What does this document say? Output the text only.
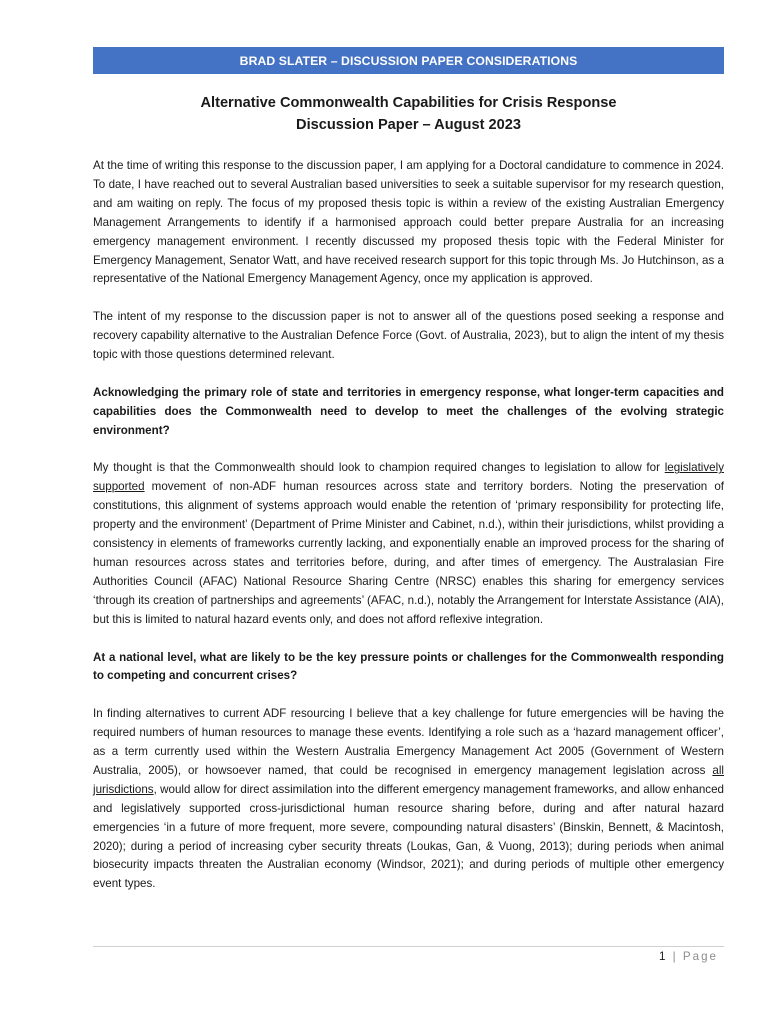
BRAD SLATER – DISCUSSION PAPER CONSIDERATIONS
Alternative Commonwealth Capabilities for Crisis Response
Discussion Paper – August 2023

At the time of writing this response to the discussion paper, I am applying for a Doctoral candidature to commence in 2024. To date, I have reached out to several Australian based universities to seek a suitable supervisor for my research question, and am waiting on reply. The focus of my proposed thesis topic is within a review of the existing Australian Emergency Management Arrangements to identify if a harmonised approach could better prepare Australia for an increasing emergency management environment. I recently discussed my proposed thesis topic with the Federal Minister for Emergency Management, Senator Watt, and have received research support for this topic through Ms. Jo Hutchinson, as a representative of the National Emergency Management Agency, once my application is approved.

The intent of my response to the discussion paper is not to answer all of the questions posed seeking a response and recovery capability alternative to the Australian Defence Force (Govt. of Australia, 2023), but to align the intent of my thesis topic with those questions determined relevant.

Acknowledging the primary role of state and territories in emergency response, what longer-term capacities and capabilities does the Commonwealth need to develop to meet the challenges of the evolving strategic environment?

My thought is that the Commonwealth should look to champion required changes to legislation to allow for legislatively supported movement of non-ADF human resources across state and territory borders. Noting the preservation of constitutions, this alignment of systems approach would enable the retention of ‘primary responsibility for protecting life, property and the environment’ (Department of Prime Minister and Cabinet, n.d.), within their jurisdictions, whilst providing a consistency in elements of frameworks currently lacking, and exponentially enable an improved process for the sharing of human resources across states and territories before, during, and after times of emergency. The Australasian Fire Authorities Council (AFAC) National Resource Sharing Centre (NRSC) enables this sharing for emergency services ‘through its creation of partnerships and agreements’ (AFAC, n.d.), notably the Arrangement for Interstate Assistance (AIA), but this is limited to natural hazard events only, and does not afford reflexive integration.

At a national level, what are likely to be the key pressure points or challenges for the Commonwealth responding to competing and concurrent crises?

In finding alternatives to current ADF resourcing I believe that a key challenge for future emergencies will be having the required numbers of human resources to manage these events. Identifying a role such as a ‘hazard management officer’, as a term currently used within the Western Australia Emergency Management Act 2005 (Government of Western Australia, 2005), or howsoever named, that could be recognised in emergency management legislation across all jurisdictions, would allow for direct assimilation into the different emergency management frameworks, and allow enhanced and legislatively supported cross-jurisdictional human resource sharing before, during and after natural hazard emergencies ‘in a future of more frequent, more severe, compounding natural disasters’ (Binskin, Bennett, & Macintosh, 2020); during a period of increasing cyber security threats (Loukas, Gan, & Vuong, 2013); during periods when animal biosecurity impacts threaten the Australian economy (Windsor, 2021); and during periods of multiple other emergency event types.

1 | Page
